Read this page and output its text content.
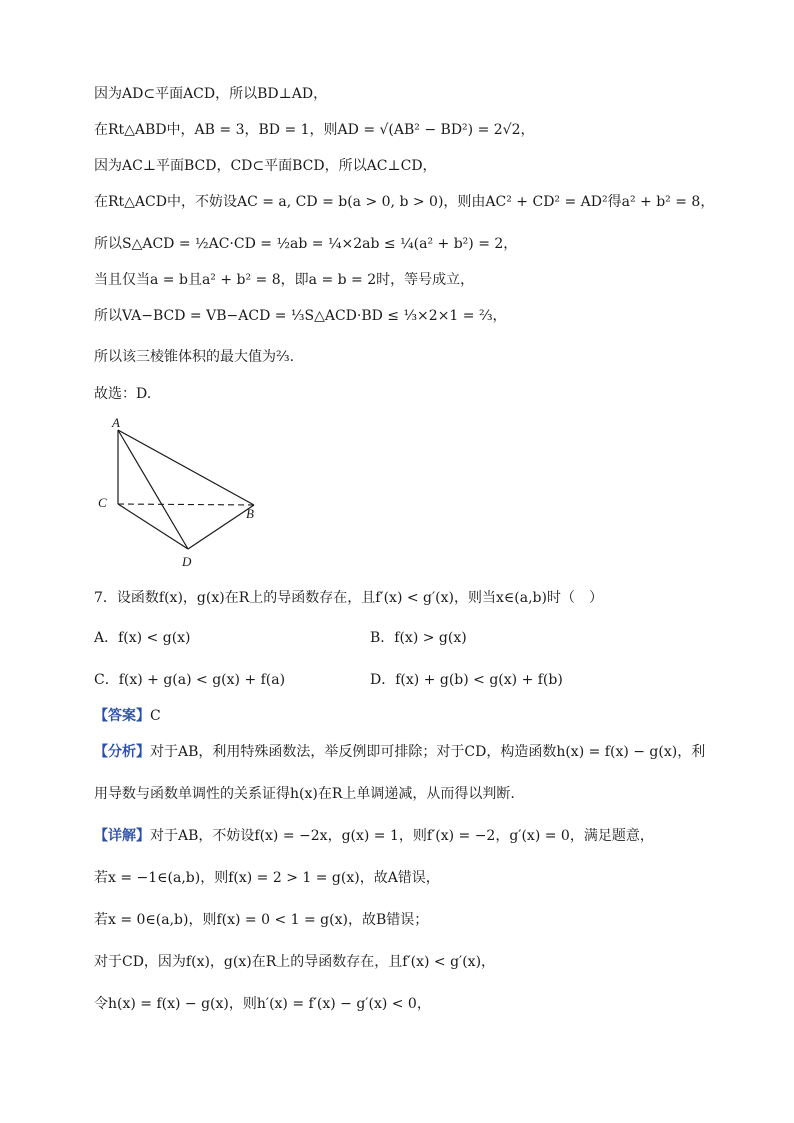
因为AD⊂平面ACD，所以BD⊥AD，
在Rt△ABD中，AB = 3，BD = 1，则AD = √(AB² − BD²) = 2√2，
因为AC⊥平面BCD，CD⊂平面BCD，所以AC⊥CD，
在Rt△ACD中，不妨设AC = a, CD = b(a > 0, b > 0)，则由AC² + CD² = AD²得a² + b² = 8，
所以S△ACD = ½AC·CD = ½ab = ¼×2ab ≤ ¼(a² + b²) = 2，
当且仅当a = b且a² + b² = 8，即a = b = 2时，等号成立，
所以VA−BCD = VB−ACD = ⅓S△ACD·BD ≤ ⅓×2×1 = ⅔，
所以该三棱锥体积的最大值为⅔.
故选：D.
A
C
B
D
7．设函数f(x)，g(x)在R上的导函数存在，且f′(x) < g′(x)，则当x∈(a,b)时（　）
A．f(x) < g(x)	B．f(x) > g(x)
C．f(x) + g(a) < g(x) + f(a)	D．f(x) + g(b) < g(x) + f(b)
【答案】C
【分析】对于AB，利用特殊函数法，举反例即可排除；对于CD，构造函数h(x) = f(x) − g(x)，利
用导数与函数单调性的关系证得h(x)在R上单调递减，从而得以判断.
【详解】对于AB，不妨设f(x) = −2x，g(x) = 1，则f′(x) = −2，g′(x) = 0，满足题意，
若x = −1∈(a,b)，则f(x) = 2 > 1 = g(x)，故A错误，
若x = 0∈(a,b)，则f(x) = 0 < 1 = g(x)，故B错误；
对于CD，因为f(x)，g(x)在R上的导函数存在，且f′(x) < g′(x)，
令h(x) = f(x) − g(x)，则h′(x) = f′(x) − g′(x) < 0，
